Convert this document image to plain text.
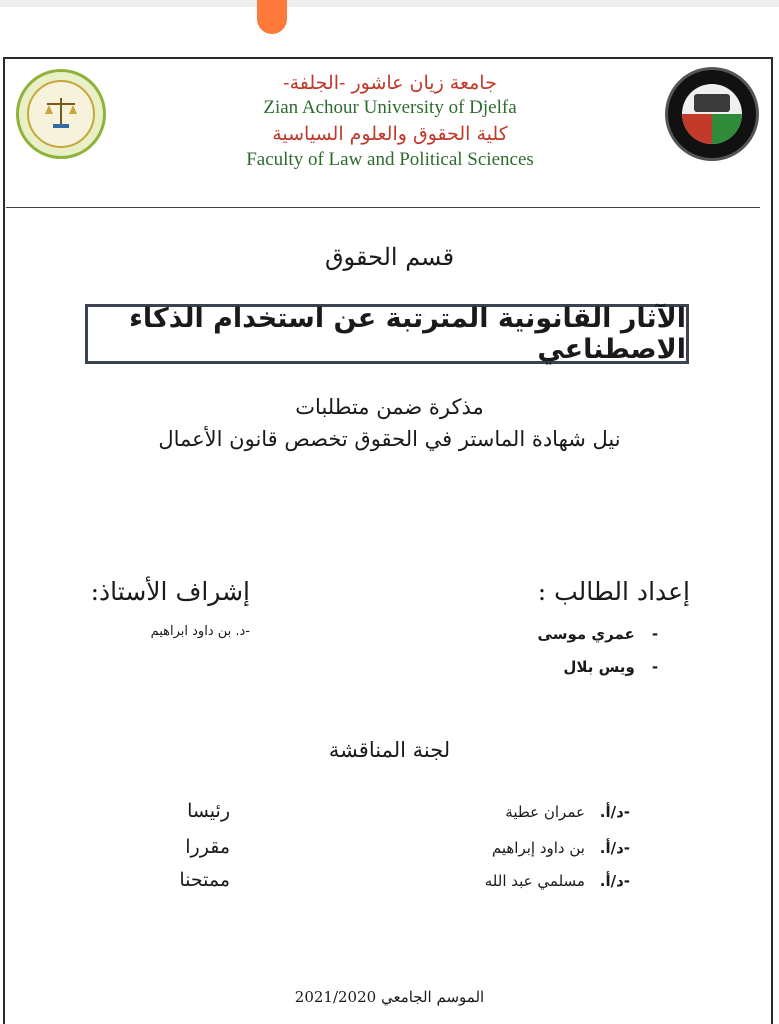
جامعة زيان عاشور -الجلفة-
Zian Achour University of Djelfa
كلية الحقوق والعلوم السياسية
Faculty of Law and Political Sciences
قسم الحقوق
الآثار القانونية المترتبة عن استخدام الذكاء الاصطناعي
مذكرة ضمن متطلبات
نيل شهادة الماستر في الحقوق تخصص قانون الأعمال
إعداد الطالب :
- عمري موسى
- ويس بلال
إشراف الأستاذ:
-د. بن داود ابراهيم
لجنة المناقشة
-د/أ. عمران عطية
رئيسا
-د/أ. بن داود إبراهيم
مقررا
-د/أ. مسلمي عبد الله
ممتحنا
الموسم الجامعي 2021/2020
